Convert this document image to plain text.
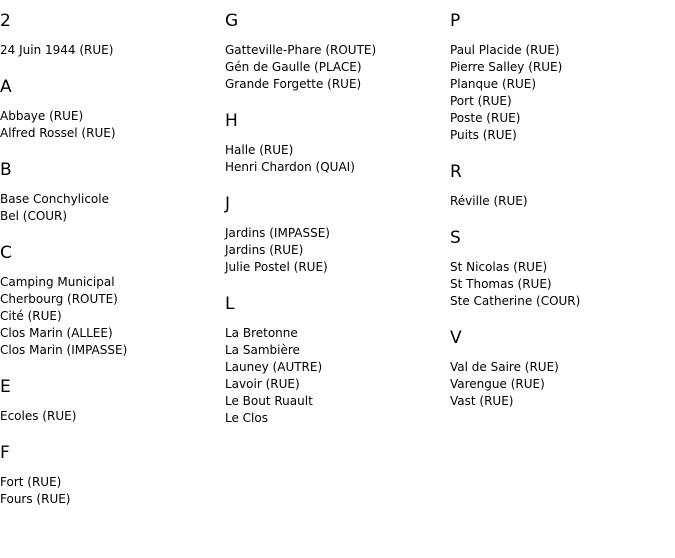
2
24 Juin 1944 (RUE)
A
Abbaye (RUE)
Alfred Rossel (RUE)
B
Base Conchylicole
Bel (COUR)
C
Camping Municipal
Cherbourg (ROUTE)
Cité (RUE)
Clos Marin (ALLEE)
Clos Marin (IMPASSE)
E
Ecoles (RUE)
F
Fort (RUE)
Fours (RUE)
G
Gatteville-Phare (ROUTE)
Gén de Gaulle (PLACE)
Grande Forgette (RUE)
H
Halle (RUE)
Henri Chardon (QUAI)
J
Jardins (IMPASSE)
Jardins (RUE)
Julie Postel (RUE)
L
La Bretonne
La Sambière
Launey (AUTRE)
Lavoir (RUE)
Le Bout Ruault
Le Clos
P
Paul Placide (RUE)
Pierre Salley (RUE)
Planque (RUE)
Port (RUE)
Poste (RUE)
Puits (RUE)
R
Réville (RUE)
S
St Nicolas (RUE)
St Thomas (RUE)
Ste Catherine (COUR)
V
Val de Saire (RUE)
Varengue (RUE)
Vast (RUE)
